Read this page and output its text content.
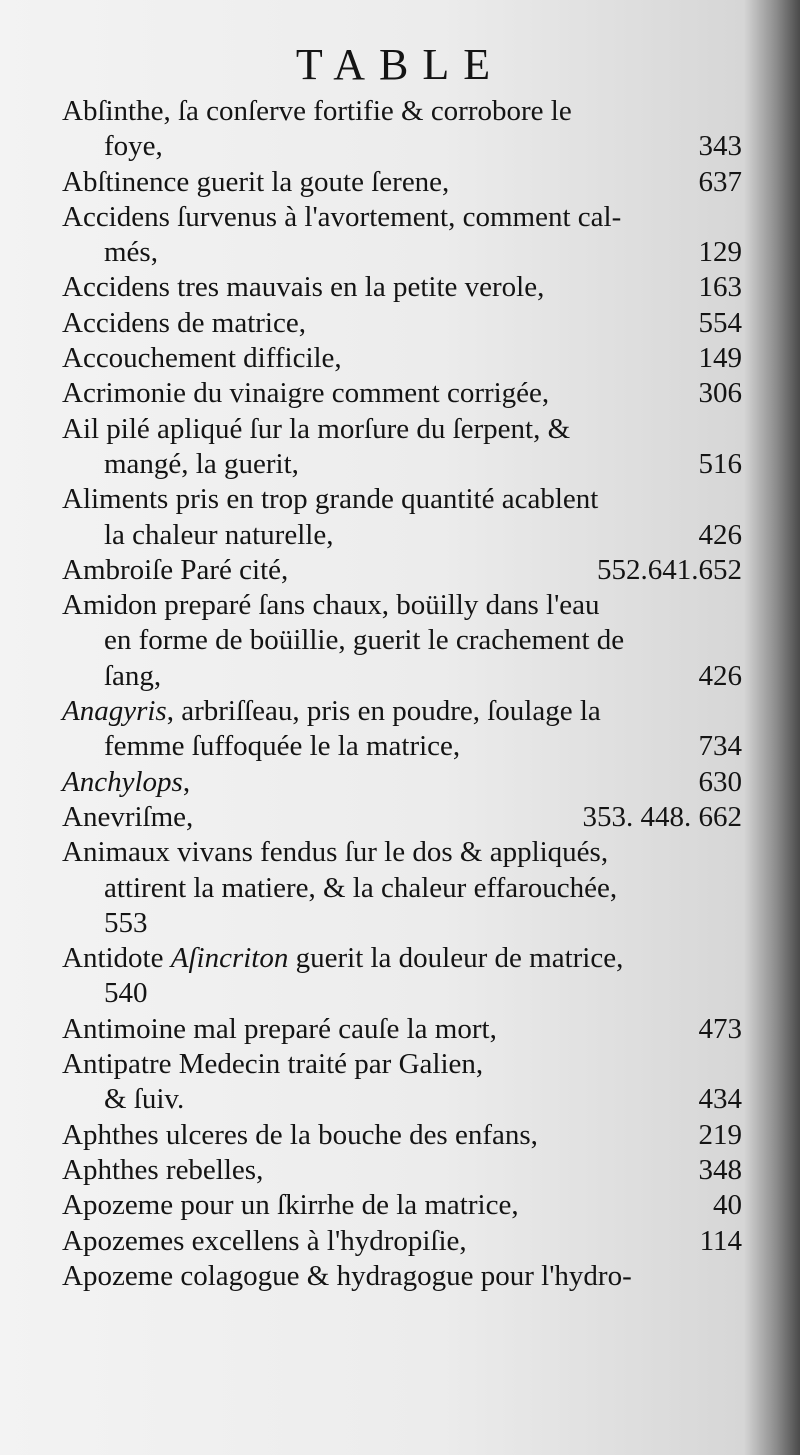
TABLE
Abſinthe, ſa conſerve fortifie & corrobore le
foye,	343
Abſtinence guerit la goute ſerene,	637
Accidens ſurvenus à l'avortement, comment cal-
més,	129
Accidens tres mauvais en la petite verole,	163
Accidens de matrice,	554
Accouchement difficile,	149
Acrimonie du vinaigre comment corrigée,	306
Ail pilé apliqué ſur la morſure du ſerpent, &
mangé, la guerit,	516
Aliments pris en trop grande quantité acablent
la chaleur naturelle,	426
Ambroiſe Paré cité,	552.641.652
Amidon preparé ſans chaux, boüilly dans l'eau
en forme de boüillie, guerit le crachement de
ſang,	426
Anagyris, arbriſſeau, pris en poudre, ſoulage la
femme ſuffoquée le la matrice,	734
Anchylops,	630
Anevriſme,	353. 448. 662
Animaux vivans fendus ſur le dos & appliqués,
attirent la matiere, & la chaleur effarouchée,
553
Antidote Aſincriton guerit la douleur de matrice,
540
Antimoine mal preparé cauſe la mort,	473
Antipatre Medecin traité par Galien,
& ſuiv.	434
Aphthes ulceres de la bouche des enfans,	219
Aphthes rebelles,	348
Apozeme pour un ſkirrhe de la matrice,	40
Apozemes excellens à l'hydropiſie,	114
Apozeme colagogue & hydragogue pour l'hydro-
